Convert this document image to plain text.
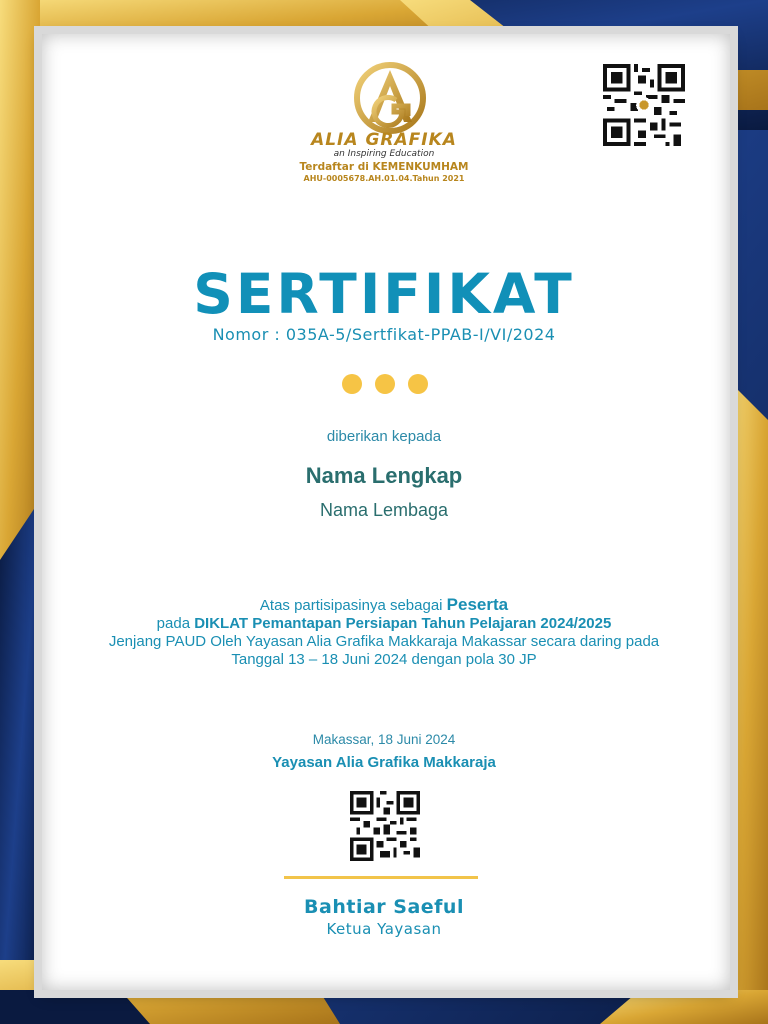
ALIA GRAFIKA
an Inspiring Education
Terdaftar di KEMENKUMHAM
AHU-0005678.AH.01.04.Tahun 2021
SERTIFIKAT
Nomor : 035A-5/Sertfikat-PPAB-I/VI/2024
diberikan kepada
Nama Lengkap
Nama Lembaga
Atas partisipasinya sebagai Peserta
pada DIKLAT Pemantapan Persiapan Tahun Pelajaran 2024/2025
Jenjang PAUD Oleh Yayasan Alia Grafika Makkaraja Makassar secara daring pada
Tanggal 13 – 18 Juni 2024 dengan pola 30 JP
Makassar, 18 Juni 2024
Yayasan Alia Grafika Makkaraja
Bahtiar Saeful
Ketua Yayasan
